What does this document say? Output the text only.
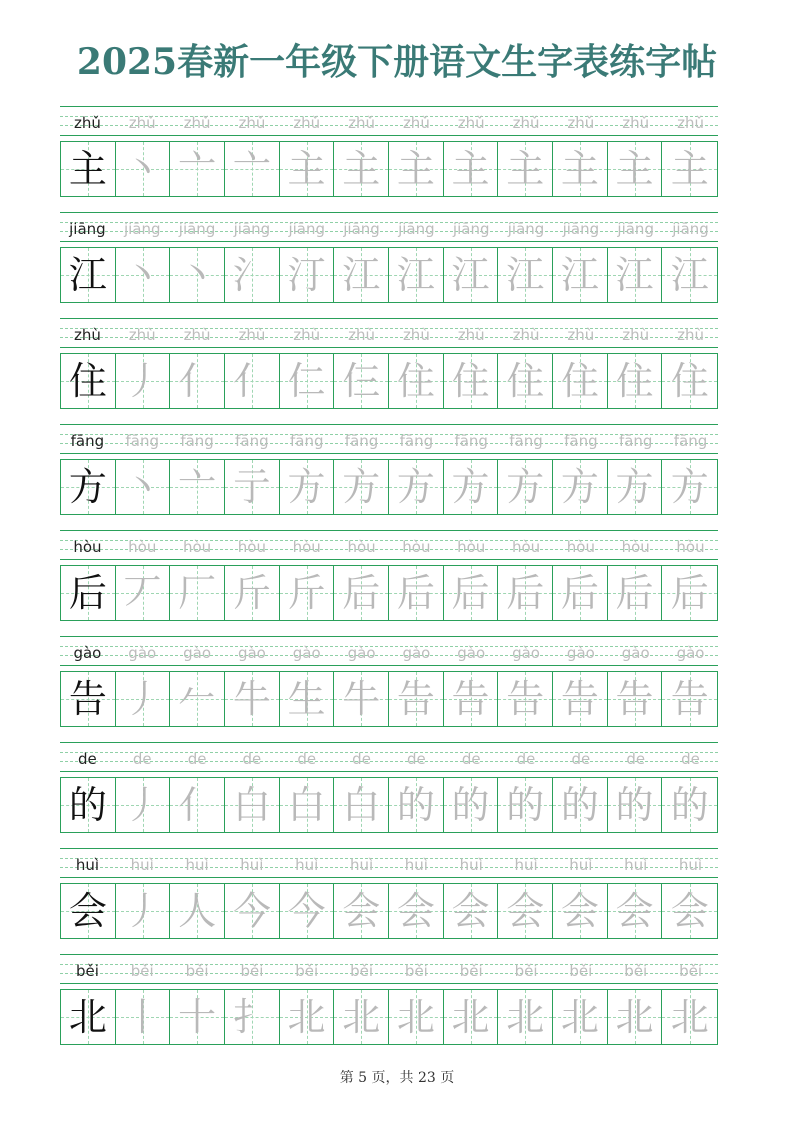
2025春新一年级下册语文生字表练字帖
zhǔ	zhǔ	zhǔ	zhǔ	zhǔ	zhǔ	zhǔ	zhǔ	zhǔ	zhǔ	zhǔ	zhǔ
主 丶 亠 亠 主 主 主 主 主 主 主 主
jiāng	jiāng	jiāng	jiāng	jiāng	jiāng	jiāng	jiāng	jiāng	jiāng	jiāng	jiāng
江 丶 丶 氵 汀 江 江 江 江 江 江 江
zhù	zhù	zhù	zhù	zhù	zhù	zhù	zhù	zhù	zhù	zhù	zhù
住 丿 亻 亻 仁 仨 住 住 住 住 住 住
fāng	fāng	fāng	fāng	fāng	fāng	fāng	fāng	fāng	fāng	fāng	fāng
方 丶 亠 亍 方 方 方 方 方 方 方 方
hòu	hòu	hòu	hòu	hòu	hòu	hòu	hòu	hòu	hòu	hòu	hòu
后 丆 厂 斤 斤 后 后 后 后 后 后 后
gào	gào	gào	gào	gào	gào	gào	gào	gào	gào	gào	gào
告 丿 𠂉 牛 生 牛 告 告 告 告 告 告
de	de	de	de	de	de	de	de	de	de	de	de
的 丿 亻 白 白 白 的 的 的 的 的 的
huì	huì	huì	huì	huì	huì	huì	huì	huì	huì	huì	huì
会 丿 人 今 今 会 会 会 会 会 会 会
běi	běi	běi	běi	běi	běi	běi	běi	běi	běi	běi	běi
北 丨 十 扌 北 北 北 北 北 北 北 北
第 5 页，共 23 页
